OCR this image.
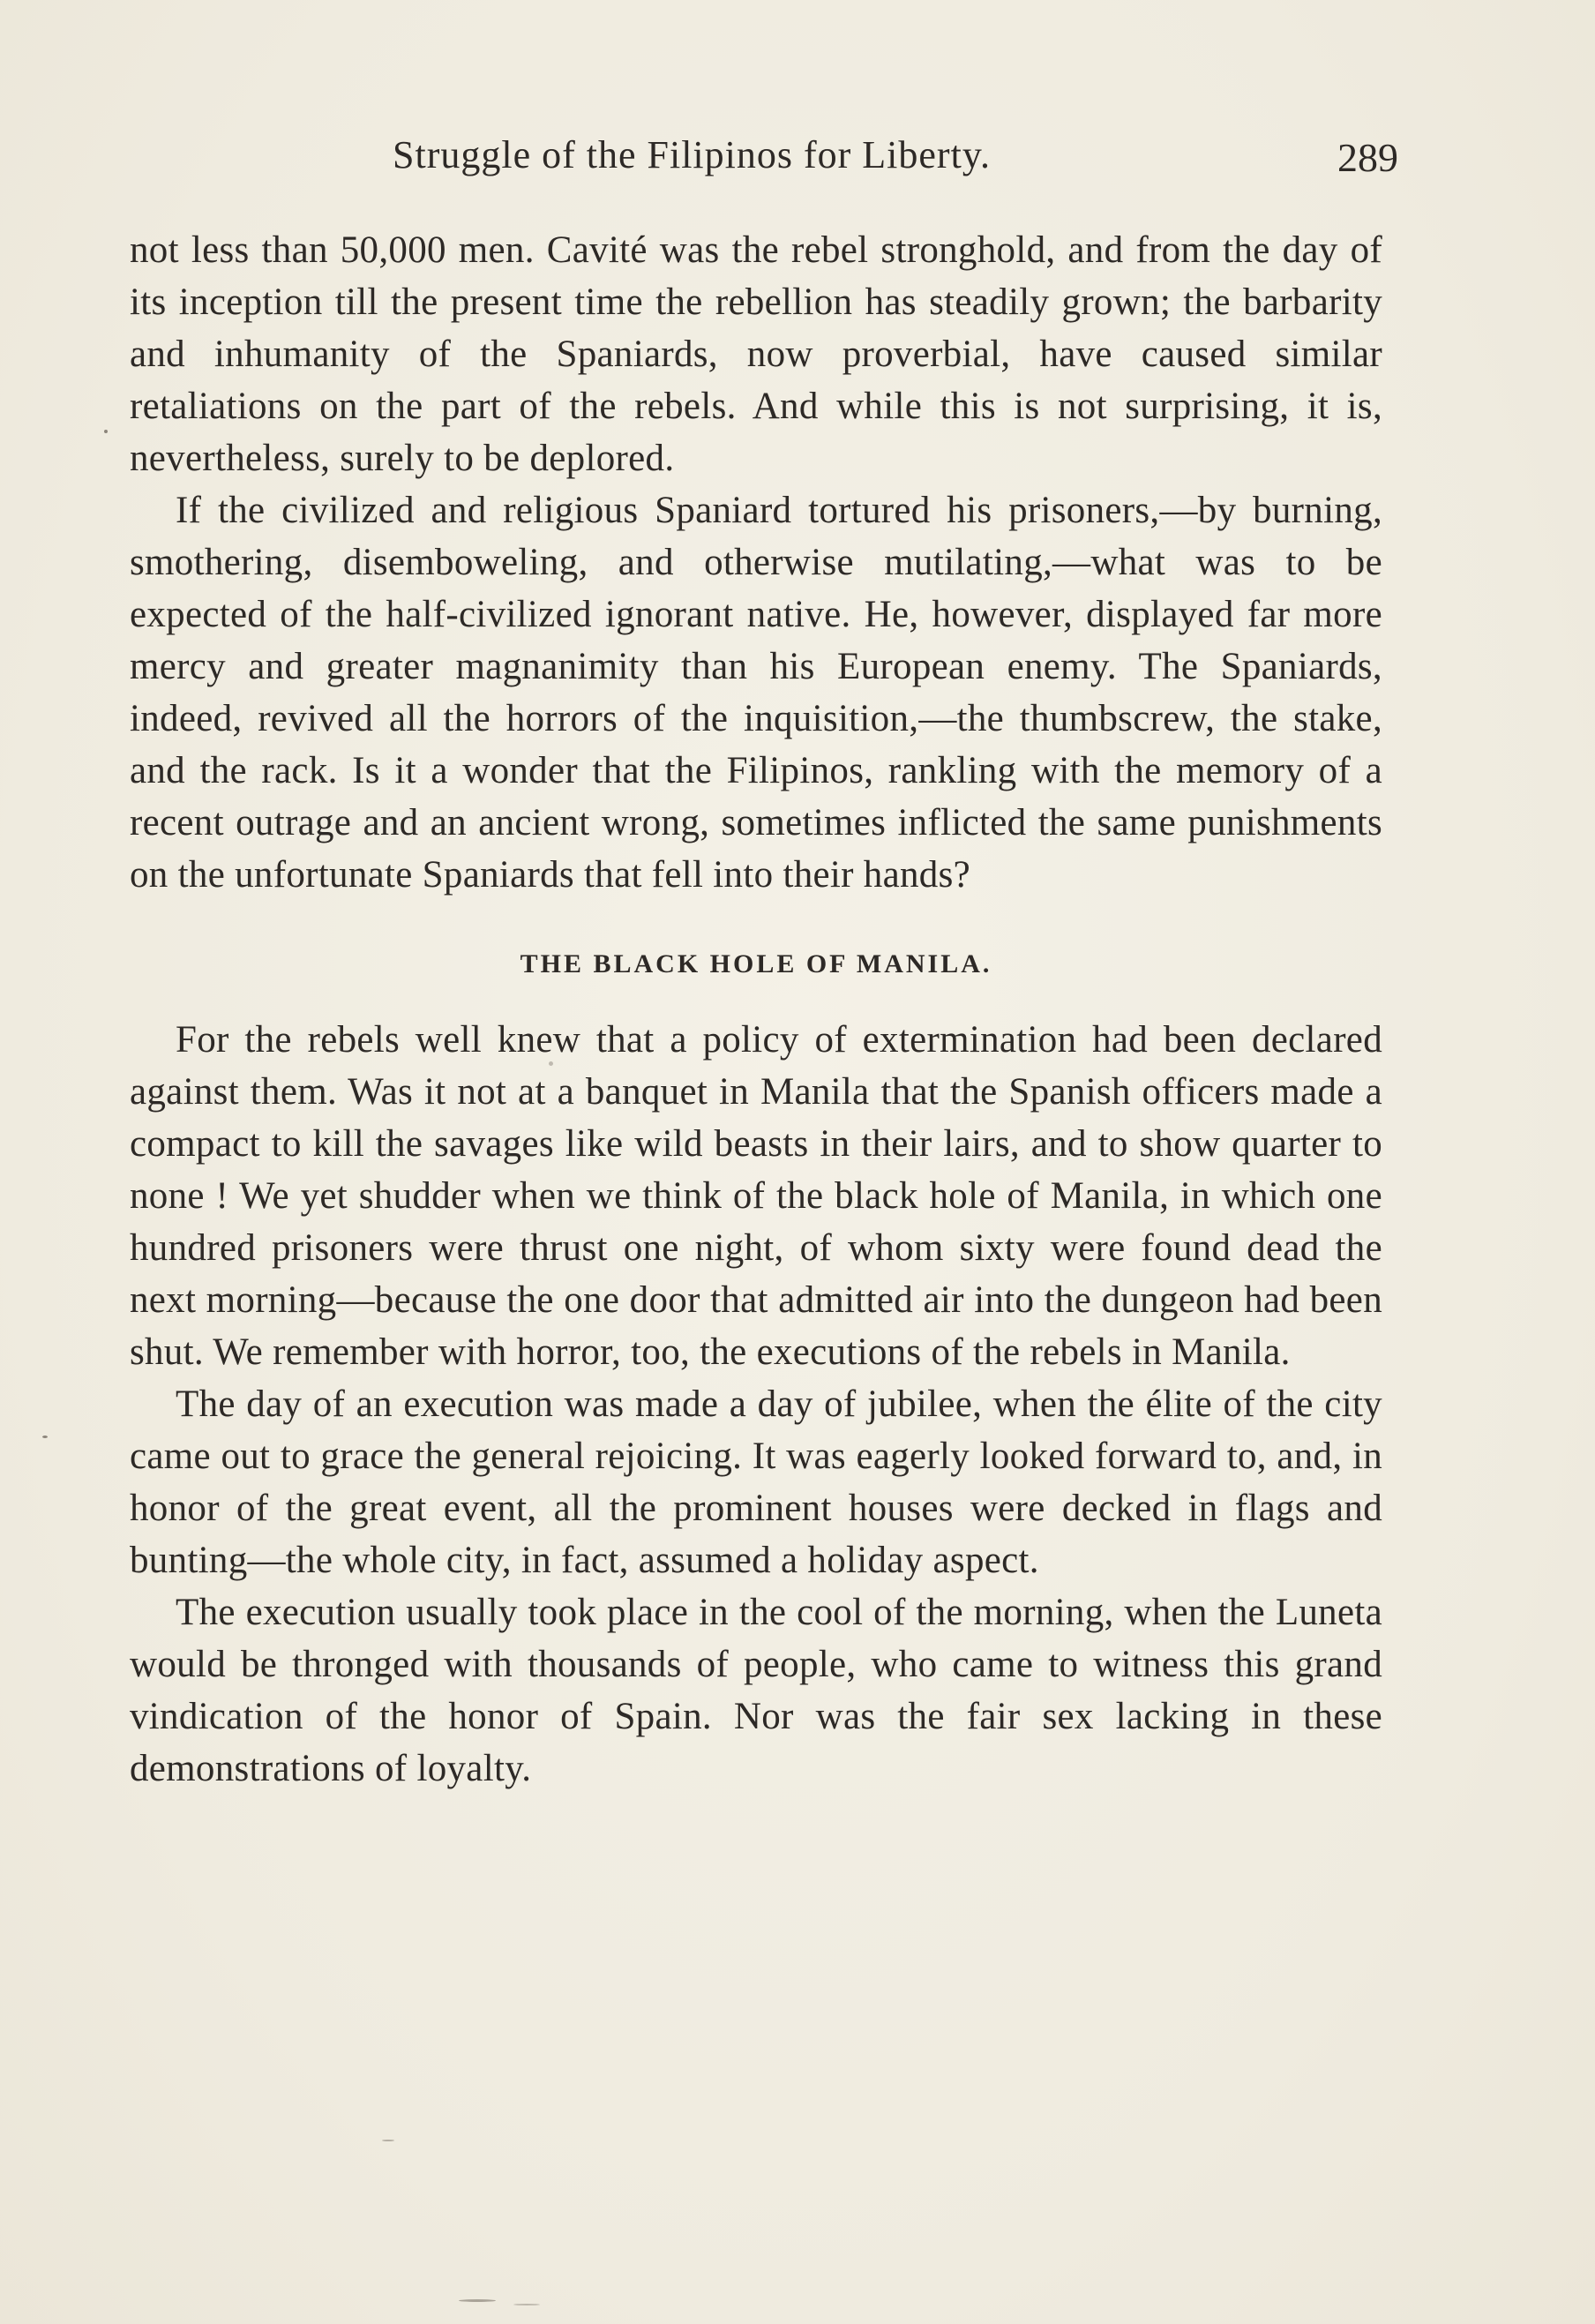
Struggle of the Filipinos for Liberty.	289

not less than 50,000 men. Cavité was the rebel stronghold, and from the day of its inception till the present time the rebellion has steadily grown; the barbarity and inhumanity of the Spaniards, now proverbial, have caused similar retaliations on the part of the rebels. And while this is not surprising, it is, nevertheless, surely to be deplored.

If the civilized and religious Spaniard tortured his prisoners,—by burning, smothering, disemboweling, and otherwise mutilating,—what was to be expected of the half-civilized ignorant native. He, however, displayed far more mercy and greater magnanimity than his European enemy. The Spaniards, indeed, revived all the horrors of the inquisition,—the thumbscrew, the stake, and the rack. Is it a wonder that the Filipinos, rankling with the memory of a recent outrage and an ancient wrong, sometimes inflicted the same punishments on the unfortunate Spaniards that fell into their hands?

THE BLACK HOLE OF MANILA.

For the rebels well knew that a policy of extermination had been declared against them. Was it not at a banquet in Manila that the Spanish officers made a compact to kill the savages like wild beasts in their lairs, and to show quarter to none ! We yet shudder when we think of the black hole of Manila, in which one hundred prisoners were thrust one night, of whom sixty were found dead the next morning—because the one door that admitted air into the dungeon had been shut. We remember with horror, too, the executions of the rebels in Manila.

The day of an execution was made a day of jubilee, when the élite of the city came out to grace the general rejoicing. It was eagerly looked forward to, and, in honor of the great event, all the prominent houses were decked in flags and bunting—the whole city, in fact, assumed a holiday aspect.

The execution usually took place in the cool of the morning, when the Luneta would be thronged with thousands of people, who came to witness this grand vindication of the honor of Spain. Nor was the fair sex lacking in these demonstrations of loyalty.
